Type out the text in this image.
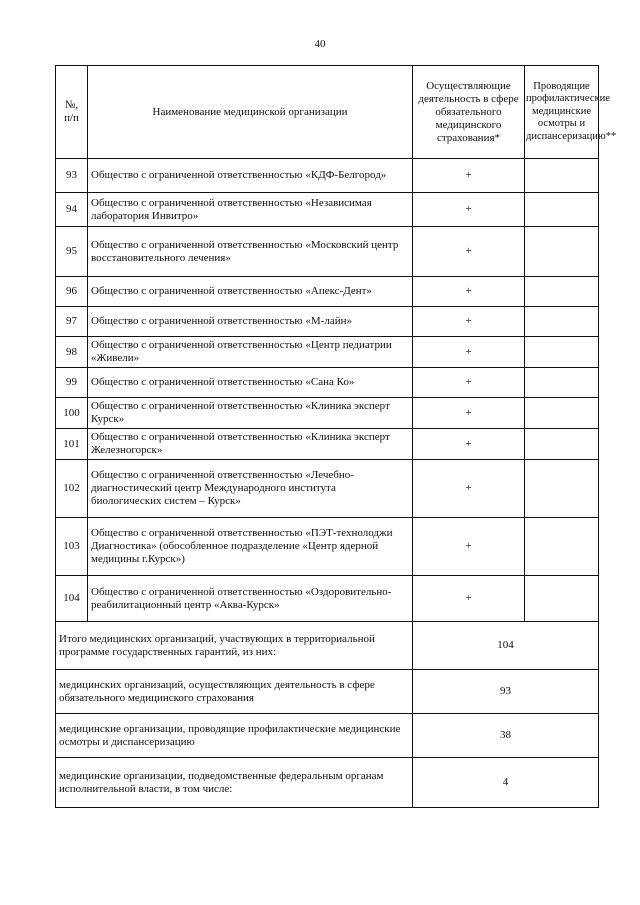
40
№,
п/п	Наименование медицинской организации	Осуществляющие деятельность в сфере обязательного медицинского страхования*	Проводящие профилактические медицинские осмотры и диспансеризацию**
93	Общество с ограниченной ответственностью «КДФ-Белгород»	+	
94	Общество с ограниченной ответственностью «Независимая лаборатория Инвитро»	+	
95	Общество с ограниченной ответственностью «Московский центр восстановительного лечения»	+	
96	Общество с ограниченной ответственностью «Апекс-Дент»	+	
97	Общество с ограниченной ответственностью «М-лайн»	+	
98	Общество с ограниченной ответственностью «Центр педиатрии «Живели»	+	
99	Общество с ограниченной ответственностью «Сана Ко»	+	
100	Общество с ограниченной ответственностью «Клиника эксперт Курск»	+	
101	Общество с ограниченной ответственностью «Клиника эксперт Железногорск»	+	
102	Общество с ограниченной ответственностью «Лечебно-диагностический центр Международного института биологических систем – Курск»	+	
103	Общество с ограниченной ответственностью «ПЭТ-технолоджи Диагностика» (обособленное подразделение «Центр ядерной медицины г.Курск»)	+	
104	Общество с ограниченной ответственностью «Оздоровительно-реабилитационный центр «Аква-Курск»	+	
Итого медицинских организаций, участвующих в территориальной программе государственных гарантий, из них:		104	
медицинских организаций, осуществляющих деятельность в сфере обязательного медицинского страхования		93	
медицинские организации, проводящие профилактические медицинские осмотры и диспансеризацию		38	
медицинские организации, подведомственные федеральным органам исполнительной власти, в том числе:		4	
